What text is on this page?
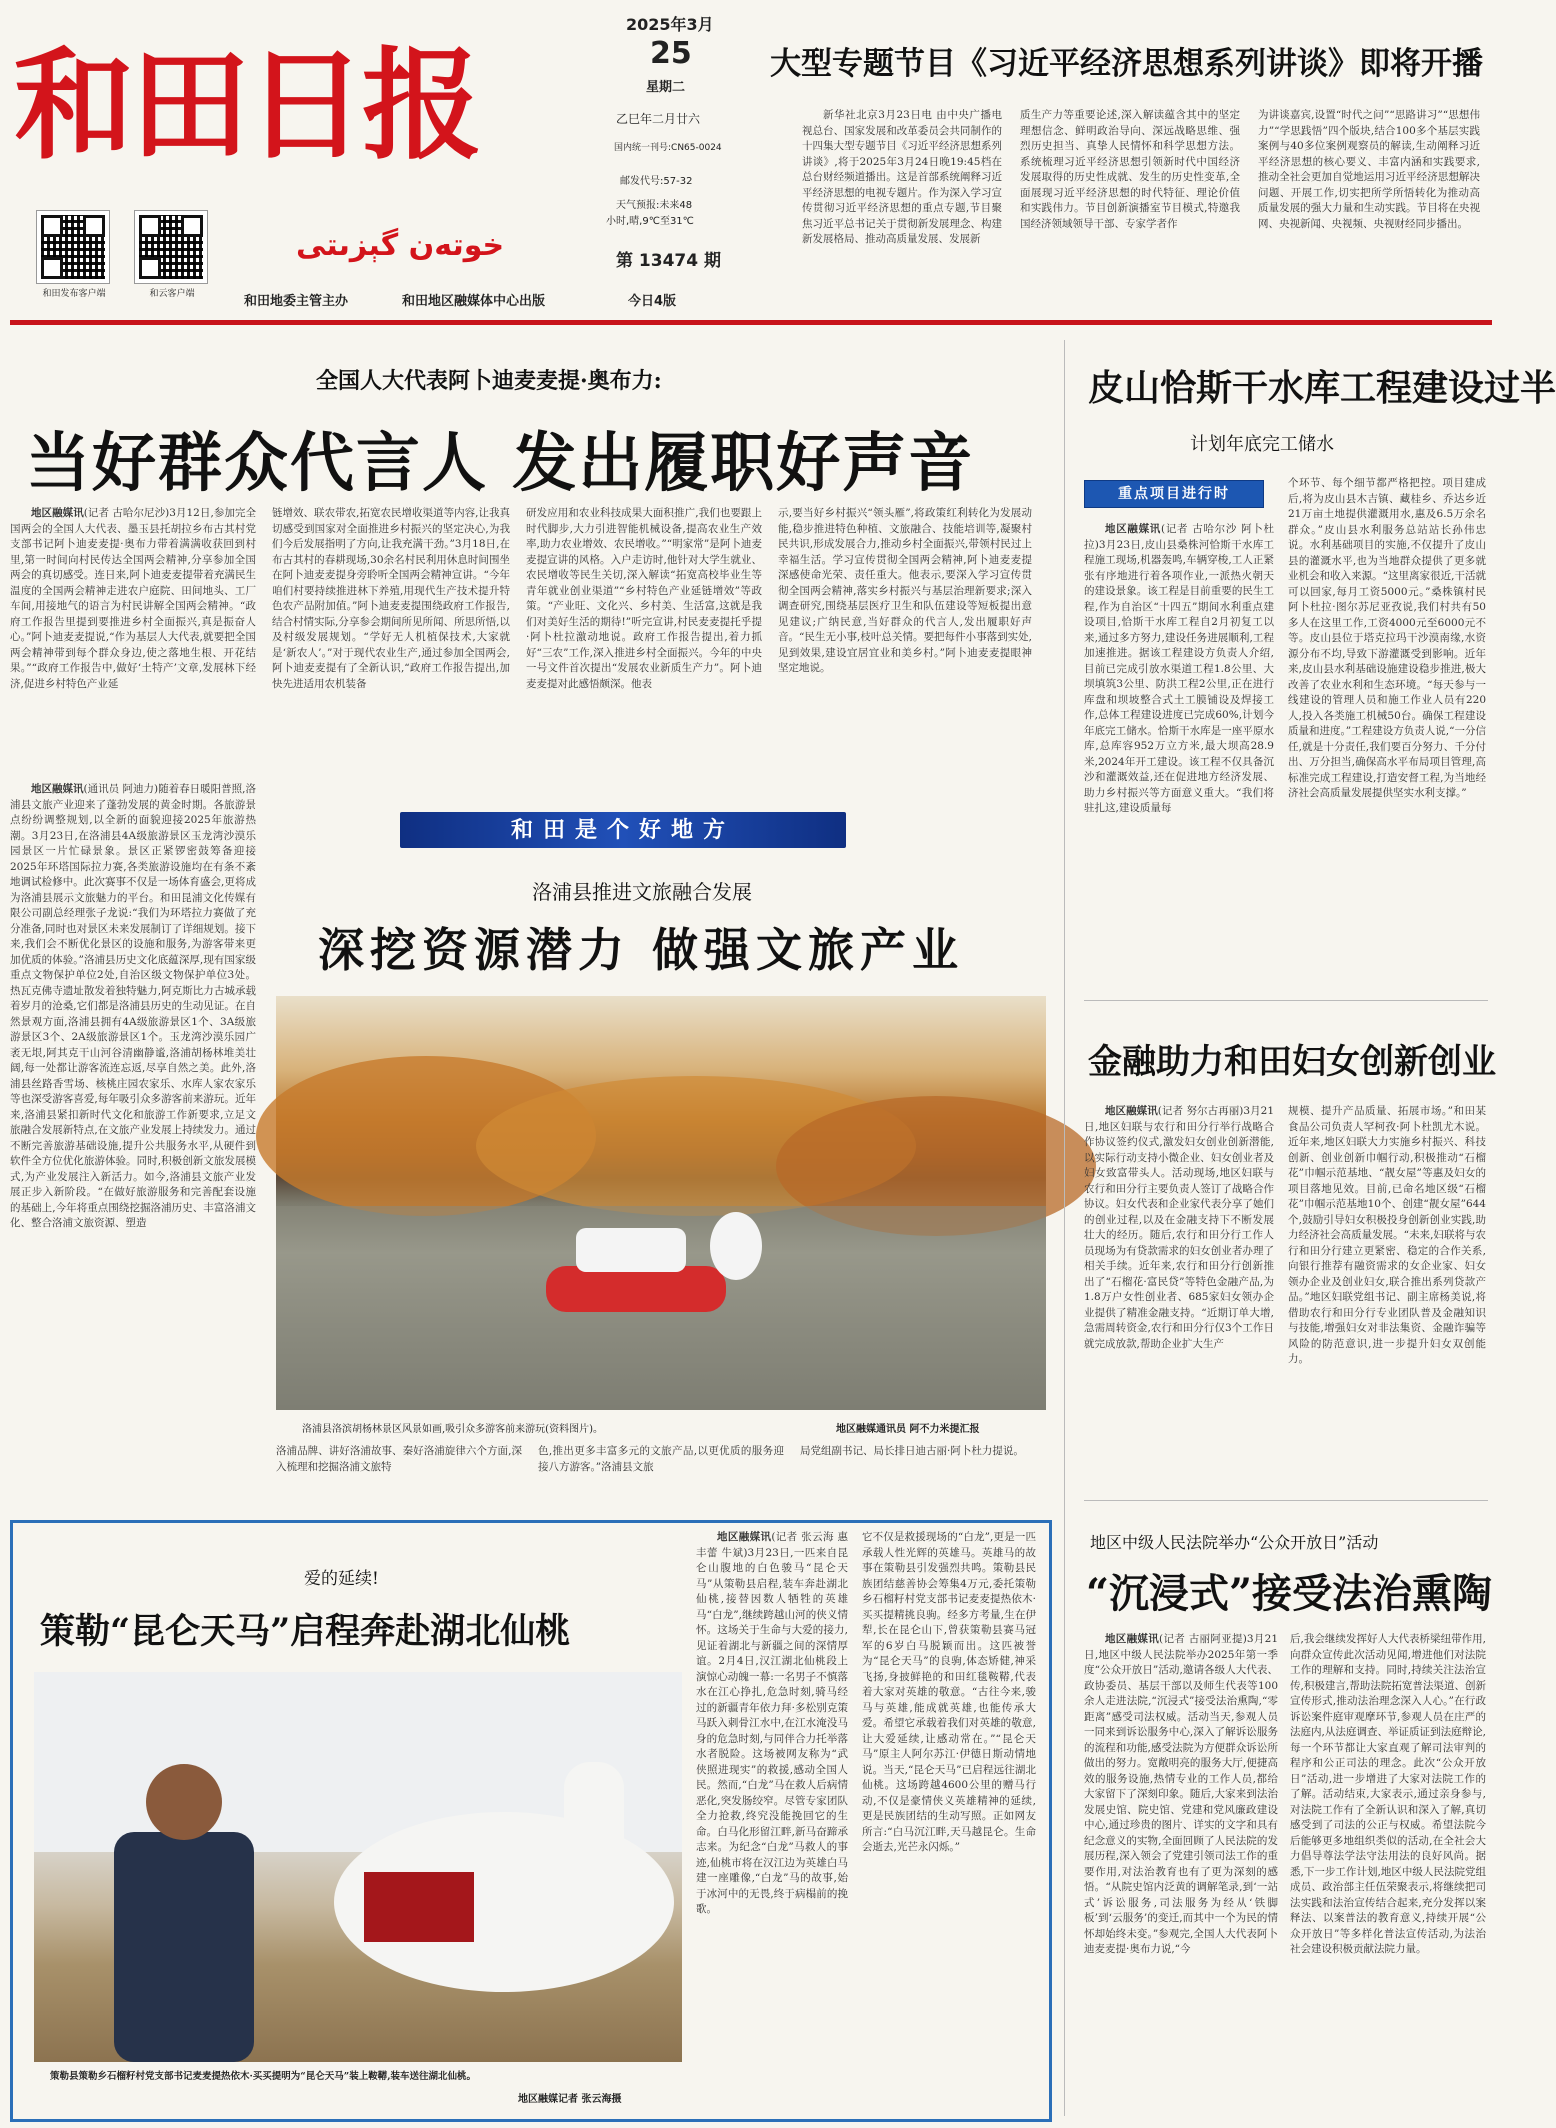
和田日报
خوتەن گېزىتى
和田发布客户端	和云客户端
2025年3月
25
星期二
乙巳年二月廿六
国内统一刊号:CN65-0024
邮发代号:57-32
天气预报:未来48
小时,晴,9℃至31℃
第 13474 期
和田地委主管主办	和田地区融媒体中心出版	今日4版
大型专题节目《习近平经济思想系列讲谈》即将开播

新华社北京3月23日电 由中央广播电视总台、国家发展和改革委员会共同制作的十四集大型专题节目《习近平经济思想系列讲谈》,将于2025年3月24日晚19:45档在总台财经频道播出。这是首部系统阐释习近平经济思想的电视专题片。作为深入学习宣传贯彻习近平经济思想的重点专题,节目聚焦习近平总书记关于贯彻新发展理念、构建新发展格局、推动高质量发展、发展新

质生产力等重要论述,深入解读蕴含其中的坚定理想信念、鲜明政治导向、深远战略思维、强烈历史担当、真挚人民情怀和科学思想方法。系统梳理习近平经济思想引领新时代中国经济发展取得的历史性成就、发生的历史性变革,全面展现习近平经济思想的时代特征、理论价值和实践伟力。节目创新演播室节目模式,特邀我国经济领域领导干部、专家学者作

为讲谈嘉宾,设置“时代之问”“思路讲习”“思想伟力”“学思践悟”四个版块,结合100多个基层实践案例与40多位案例观察员的解读,生动阐释习近平经济思想的核心要义、丰富内涵和实践要求,推动全社会更加自觉地运用习近平经济思想解决问题、开展工作,切实把所学所悟转化为推动高质量发展的强大力量和生动实践。节目将在央视网、央视新闻、央视频、央视财经同步播出。

全国人大代表阿卜迪麦麦提·奥布力:
当好群众代言人 发出履职好声音

地区融媒讯(记者 古哈尔尼沙)3月12日,参加完全国两会的全国人大代表、墨玉县托胡拉乡布古其村党支部书记阿卜迪麦麦提·奥布力带着满满收获回到村里,第一时间向村民传达全国两会精神,分享参加全国两会的真切感受。连日来,阿卜迪麦麦提带着充满民生温度的全国两会精神走进农户庭院、田间地头、工厂车间,用接地气的语言为村民讲解全国两会精神。“政府工作报告里提到要推进乡村全面振兴,真是振奋人心。”阿卜迪麦麦提说,“作为基层人大代表,就要把全国两会精神带到每个群众身边,使之落地生根、开花结果。”“政府工作报告中,做好‘土特产’文章,发展林下经济,促进乡村特色产业延

链增效、联农带农,拓宽农民增收渠道等内容,让我真切感受到国家对全面推进乡村振兴的坚定决心,为我们今后发展指明了方向,让我充满干劲。”3月18日,在布古其村的春耕现场,30余名村民利用休息时间围坐在阿卜迪麦麦提身旁聆听全国两会精神宣讲。“今年咱们村要持续推进林下养殖,用现代生产技术提升特色农产品附加值。”阿卜迪麦麦提围绕政府工作报告,结合村情实际,分享参会期间所见所闻、所思所悟,以及村级发展规划。“学好无人机植保技术,大家就是‘新农人’。”对于现代农业生产,通过参加全国两会,阿卜迪麦麦提有了全新认识,“政府工作报告提出,加快先进适用农机装备

研发应用和农业科技成果大面积推广,我们也要跟上时代脚步,大力引进智能机械设备,提高农业生产效率,助力农业增效、农民增收。”“明家常”是阿卜迪麦麦提宣讲的风格。入户走访时,他针对大学生就业、农民增收等民生关切,深入解读“拓宽高校毕业生等青年就业创业渠道”“乡村特色产业延链增效”等政策。“产业旺、文化兴、乡村美、生活富,这就是我们对美好生活的期待!”听完宣讲,村民麦麦提托乎提·阿卜杜拉激动地说。政府工作报告提出,着力抓好“三农”工作,深入推进乡村全面振兴。今年的中央一号文件首次提出“发展农业新质生产力”。阿卜迪麦麦提对此感悟颇深。他表

示,要当好乡村振兴“领头雁”,将政策红利转化为发展动能,稳步推进特色种植、文旅融合、技能培训等,凝聚村民共识,形成发展合力,推动乡村全面振兴,带领村民过上幸福生活。学习宣传贯彻全国两会精神,阿卜迪麦麦提深感使命光荣、责任重大。他表示,要深入学习宣传贯彻全国两会精神,落实乡村振兴与基层治理新要求;深入调查研究,围绕基层医疗卫生和队伍建设等短板提出意见建议;广纳民意,当好群众的代言人,发出履职好声音。“民生无小事,枝叶总关情。要把每件小事落到实处,见到效果,建设宜居宜业和美乡村。”阿卜迪麦麦提眼神坚定地说。

地区融媒讯(通讯员 阿迪力)随着春日暖阳普照,洛浦县文旅产业迎来了蓬勃发展的黄金时期。各旅游景点纷纷调整规划,以全新的面貌迎接2025年旅游热潮。3月23日,在洛浦县4A级旅游景区玉龙湾沙漠乐园景区一片忙碌景象。景区正紧锣密鼓筹备迎接2025年环塔国际拉力赛,各类旅游设施均在有条不紊地调试检修中。此次赛事不仅是一场体育盛会,更将成为洛浦县展示文旅魅力的平台。和田昆浦文化传媒有限公司副总经理张子龙说:“我们为环塔拉力赛做了充分准备,同时也对景区未来发展制订了详细规划。接下来,我们会不断优化景区的设施和服务,为游客带来更加优质的体验。”洛浦县历史文化底蕴深厚,现有国家级重点文物保护单位2处,自治区级文物保护单位3处。热瓦克佛寺遗址散发着独特魅力,阿克斯比力古城承载着岁月的沧桑,它们都是洛浦县历史的生动见证。在自然景观方面,洛浦县拥有4A级旅游景区1个、3A级旅游景区3个、2A级旅游景区1个。玉龙湾沙漠乐园广袤无垠,阿其克干山河谷清幽静谧,洛浦胡杨林堆美壮阔,每一处都让游客流连忘返,尽享自然之美。此外,洛浦县丝路香雪场、核桃庄园农家乐、水库人家农家乐等也深受游客喜爱,每年吸引众多游客前来游玩。近年来,洛浦县紧扣新时代文化和旅游工作新要求,立足文旅融合发展新特点,在文旅产业发展上持续发力。通过不断完善旅游基础设施,提升公共服务水平,从硬件到软件全方位优化旅游体验。同时,积极创新文旅发展模式,为产业发展注入新活力。如今,洛浦县文旅产业发展正步入新阶段。“在做好旅游服务和完善配套设施的基础上,今年将重点围绕挖掘洛浦历史、丰富洛浦文化、整合洛浦文旅资源、塑造

和田是个好地方
洛浦县推进文旅融合发展
深挖资源潜力 做强文旅产业
洛浦县洛滨胡杨林景区风景如画,吸引众多游客前来游玩(资料图片)。	地区融媒通讯员 阿不力米提汇报

洛浦品牌、讲好洛浦故事、秦好洛浦旋律六个方面,深入梳理和挖掘洛浦文旅特

色,推出更多丰富多元的文旅产品,以更优质的服务迎接八方游客。”洛浦县文旅

局党组副书记、局长排日迪古丽·阿卜杜力提说。

皮山恰斯干水库工程建设过半
计划年底完工储水
重点项目进行时

地区融媒讯(记者 古哈尔沙 阿卜杜拉)3月23日,皮山县桑株河恰斯干水库工程施工现场,机器轰鸣,车辆穿梭,工人正紧张有序地进行着各项作业,一派热火朝天的建设景象。该工程是目前重要的民生工程,作为自治区“十四五”期间水利重点建设项目,恰斯干水库工程自2月初复工以来,通过多方努力,建设任务进展顺利,工程加速推进。据该工程建设方负责人介绍,目前已完成引放水渠道工程1.8公里、大坝填筑3公里、防洪工程2公里,正在进行库盘和坝坡整合式土工膜铺设及焊接工作,总体工程建设进度已完成60%,计划今年底完工储水。恰斯干水库是一座平原水库,总库容952万立方米,最大坝高28.9米,2024年开工建设。该工程不仅具备沉沙和灌溉效益,还在促进地方经济发展、助力乡村振兴等方面意义重大。“我们将驻扎这,建设质量每

个环节、每个细节都严格把控。项目建成后,将为皮山县木吉镇、藏桂乡、乔达乡近21万亩土地提供灌溉用水,惠及6.5万余名群众。”皮山县水利服务总站站长孙伟忠说。水利基础项目的实施,不仅提升了皮山县的灌溉水平,也为当地群众提供了更多就业机会和收入来源。“这里离家很近,干活就可以回家,每月工资5000元。”桑株镇村民阿卜杜拉·图尔苏尼亚孜说,我们村共有50多人在这里工作,工资4000元至6000元不等。皮山县位于塔克拉玛干沙漠南缘,水资源分布不均,导致下游灌溉受到影响。近年来,皮山县水利基础设施建设稳步推进,极大改善了农业水利和生态环境。“每天参与一线建设的管理人员和施工作业人员有220人,投入各类施工机械50台。确保工程建设质量和进度。”工程建设方负责人说,“一分信任,就是十分责任,我们要百分努力、千分付出、万分担当,确保高水平布局项目管理,高标准完成工程建设,打造安督工程,为当地经济社会高质量发展提供坚实水利支撑。”

金融助力和田妇女创新创业

地区融媒讯(记者 努尔古再丽)3月21日,地区妇联与农行和田分行举行战略合作协议签约仪式,激发妇女创业创新潜能,以实际行动支持小微企业、妇女创业者及妇女致富带头人。活动现场,地区妇联与农行和田分行主要负责人签订了战略合作协议。妇女代表和企业家代表分享了她们的创业过程,以及在金融支持下不断发展壮大的经历。随后,农行和田分行工作人员现场为有贷款需求的妇女创业者办理了相关手续。近年来,农行和田分行创新推出了“石榴花·富民贷”等特色金融产品,为1.8万户女性创业者、685家妇女领办企业提供了精准金融支持。“近期订单大增,急需周转资金,农行和田分行仅3个工作日就完成放款,帮助企业扩大生产

规模、提升产品质量、拓展市场。”和田某食品公司负责人罕柯孜·阿卜杜凯尤木说。近年来,地区妇联大力实施乡村振兴、科技创新、创业创新巾帼行动,积极推动“石榴花”巾帼示范基地、“靓女屋”等惠及妇女的项目落地见效。目前,已命名地区级“石榴花”巾帼示范基地10个、创建“靓女屋”644个,鼓励引导妇女积极投身创新创业实践,助力经济社会高质量发展。“未来,妇联将与农行和田分行建立更紧密、稳定的合作关系,向银行推荐有融资需求的女企业家、妇女领办企业及创业妇女,联合推出系列贷款产品。”地区妇联党组书记、副主席杨美说,将借助农行和田分行专业团队普及金融知识与技能,增强妇女对非法集资、金融诈骗等风险的防范意识,进一步提升妇女双创能力。

爱的延续!
策勒“昆仑天马”启程奔赴湖北仙桃
策勒县策勒乡石榴籽村党支部书记麦麦提热依木·买买提明为“昆仑天马”装上鞍鞯,装车送往湖北仙桃。
地区融媒记者 张云海摄

地区融媒讯(记者 张云海 惠丰蕾 牛斌)3月23日,一匹来自昆仑山腹地的白色骏马“昆仑天马”从策勒县启程,装车奔赴湖北仙桃,接替因数人牺牲的英雄马“白龙”,继续跨越山河的侠义情怀。这场关于生命与大爱的接力,见证着湖北与新疆之间的深情厚谊。2月4日,汉江湖北仙桃段上演惊心动魄一幕:一名男子不慎落水在江心挣扎,危急时刻,骑马经过的新疆青年依力拜·多松别克策马跃入刺骨江水中,在江水淹没马身的危急时刻,与同伴合力托举落水者脱险。这场被网友称为“武侠照进现实”的救援,感动全国人民。然而,“白龙”马在救人后病情恶化,突发肠绞窄。尽管专家团队全力抢救,终究没能挽回它的生命。白马化形留江畔,新马奋蹄承志来。为纪念“白龙”马救人的事迹,仙桃市将在汉江边为英雄白马建一座雕像,“白龙”马的故事,始于冰河中的无畏,终于病榻前的挽歌。

它不仅是救援现场的“白龙”,更是一匹承载人性光辉的英雄马。英雄马的故事在策勒县引发强烈共鸣。策勒县民族团结慈善协会筹集4万元,委托策勒乡石榴籽村党支部书记麦麦提热依木·买买提精挑良驹。经多方考量,生在伊犁,长在昆仑山下,曾获策勒县赛马冠军的6岁白马脱颖而出。这匹被誉为“昆仑天马”的良驹,体态矫健,神采飞扬,身披鲜艳的和田红毯鞍鞯,代表着大家对英雄的敬意。“古往今来,骏马与英雄,能成就英雄,也能传承大爱。希望它承载着我们对英雄的敬意,让大爱延续,让感动常在。”“昆仑天马”原主人阿尔苏江·伊德日斯动情地说。当天,“昆仑天马”已启程远往湖北仙桃。这场跨越4600公里的赠马行动,不仅是豪情侠义英雄精神的延续,更是民族团结的生动写照。正如网友所言:“白马沉江畔,天马越昆仑。生命会逝去,光芒永闪烁。”

地区中级人民法院举办“公众开放日”活动
“沉浸式”接受法治熏陶

地区融媒讯(记者 古丽阿亚提)3月21日,地区中级人民法院举办2025年第一季度“公众开放日”活动,邀请各级人大代表、政协委员、基层干部以及师生代表等100余人走进法院,“沉浸式”接受法治熏陶,“零距离”感受司法权威。活动当天,参观人员一同来到诉讼服务中心,深入了解诉讼服务的流程和功能,感受法院为方便群众诉讼所做出的努力。宽敞明亮的服务大厅,便捷高效的服务设施,热情专业的工作人员,都给大家留下了深刻印象。随后,大家来到法治发展史馆、院史馆、党建和党风廉政建设中心,通过珍贵的图片、详实的文字和具有纪念意义的实物,全面回顾了人民法院的发展历程,深入领会了党建引领司法工作的重要作用,对法治教育也有了更为深刻的感悟。“从院史馆内泛黄的调解笔录,到‘一站式’诉讼服务,司法服务为经从‘铁脚板’到‘云服务’的变迁,而其中一个为民的情怀却始终未变。”参观完,全国人大代表阿卜迪麦麦提·奥布力说,“今

后,我会继续发挥好人大代表桥梁纽带作用,向群众宣传此次活动见闻,增进他们对法院工作的理解和支持。同时,持续关注法治宣传,积极建言,帮助法院拓宽普法渠道、创新宣传形式,推动法治理念深入人心。”在行政诉讼案件庭审观摩环节,参观人员在庄严的法庭内,从法庭调查、举证质证到法庭辩论,每一个环节都让大家直观了解司法审判的程序和公正司法的理念。此次“公众开放日”活动,进一步增进了大家对法院工作的了解。活动结束,大家表示,通过亲身参与,对法院工作有了全新认识和深入了解,真切感受到了司法的公正与权威。希望法院今后能够更多地组织类似的活动,在全社会大力倡导尊法学法守法用法的良好风尚。据悉,下一步工作计划,地区中级人民法院党组成员、政治部主任伍荣聚表示,将继续把司法实践和法治宣传结合起来,充分发挥以案释法、以案普法的教育意义,持续开展“公众开放日”等多样化普法宣传活动,为法治社会建设积极贡献法院力量。
